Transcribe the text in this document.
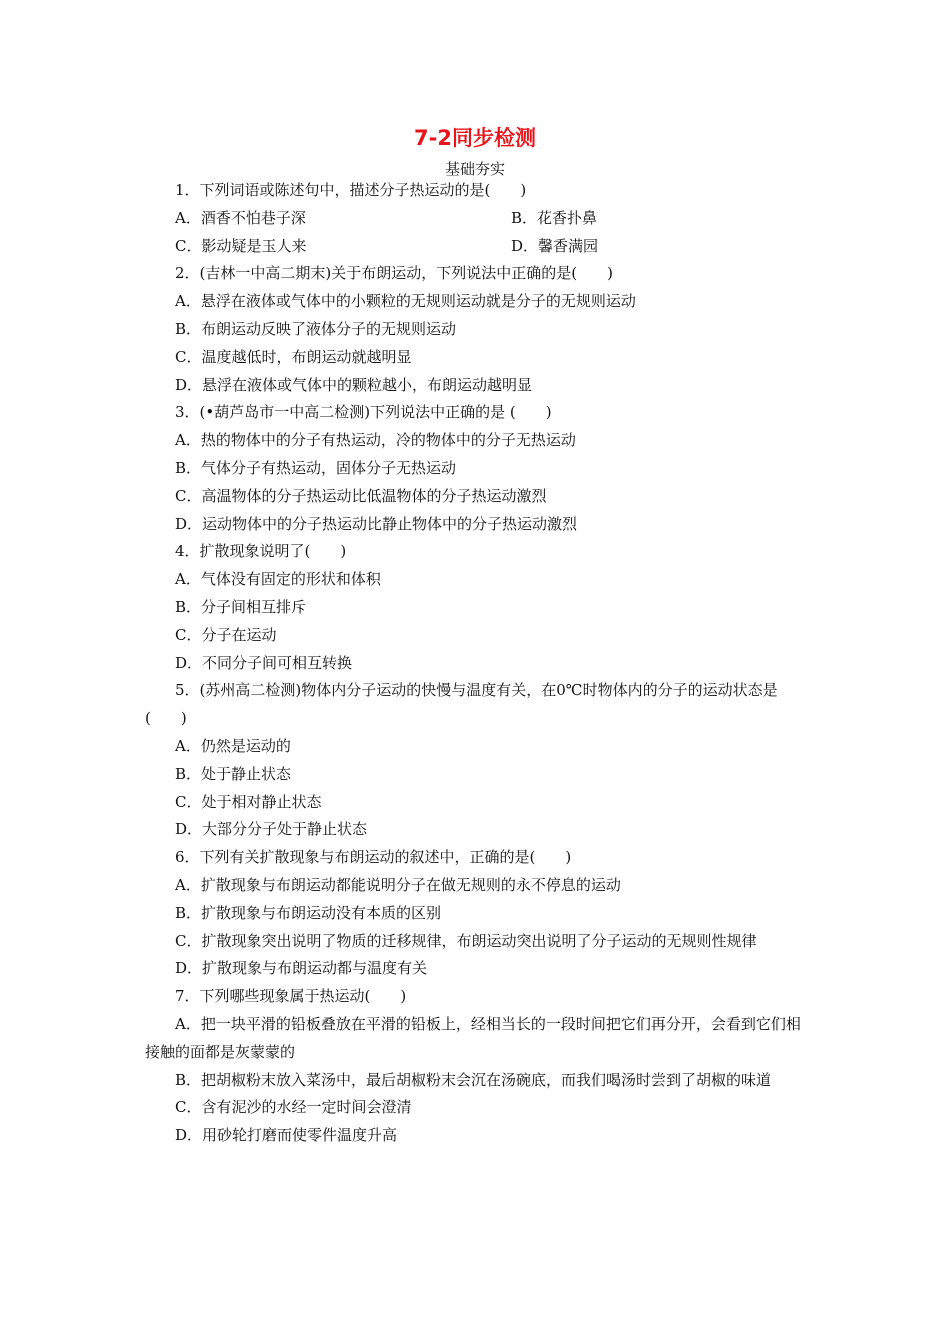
7-2同步检测
基础夯实
1．下列词语或陈述句中，描述分子热运动的是(　　)
A．酒香不怕巷子深	B．花香扑鼻
C．影动疑是玉人来	D．馨香满园
2．(吉林一中高二期末)关于布朗运动，下列说法中正确的是(　　)
A．悬浮在液体或气体中的小颗粒的无规则运动就是分子的无规则运动
B．布朗运动反映了液体分子的无规则运动
C．温度越低时，布朗运动就越明显
D．悬浮在液体或气体中的颗粒越小，布朗运动越明显
3．(•葫芦岛市一中高二检测)下列说法中正确的是 (　　)
A．热的物体中的分子有热运动，冷的物体中的分子无热运动
B．气体分子有热运动，固体分子无热运动
C．高温物体的分子热运动比低温物体的分子热运动激烈
D．运动物体中的分子热运动比静止物体中的分子热运动激烈
4．扩散现象说明了(　　)
A．气体没有固定的形状和体积
B．分子间相互排斥
C．分子在运动
D．不同分子间可相互转换
5．(苏州高二检测)物体内分子运动的快慢与温度有关，在0℃时物体内的分子的运动状态是(　　)
A．仍然是运动的
B．处于静止状态
C．处于相对静止状态
D．大部分分子处于静止状态
6．下列有关扩散现象与布朗运动的叙述中，正确的是(　　)
A．扩散现象与布朗运动都能说明分子在做无规则的永不停息的运动
B．扩散现象与布朗运动没有本质的区别
C．扩散现象突出说明了物质的迁移规律，布朗运动突出说明了分子运动的无规则性规律
D．扩散现象与布朗运动都与温度有关
7．下列哪些现象属于热运动(　　)
A．把一块平滑的铅板叠放在平滑的铅板上，经相当长的一段时间把它们再分开，会看到它们相接触的面都是灰蒙蒙的
B．把胡椒粉末放入菜汤中，最后胡椒粉末会沉在汤碗底，而我们喝汤时尝到了胡椒的味道
C．含有泥沙的水经一定时间会澄清
D．用砂轮打磨而使零件温度升高
